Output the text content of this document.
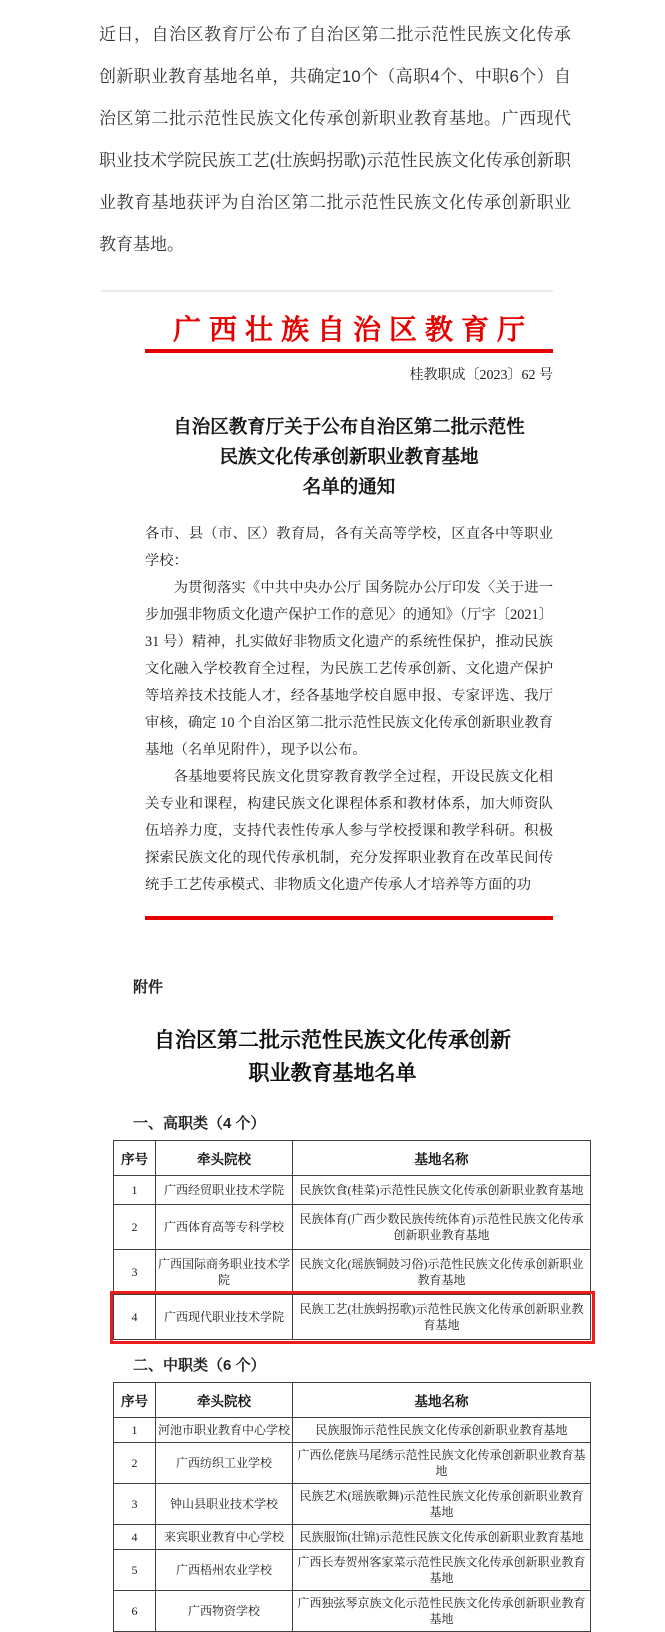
近日，自治区教育厅公布了自治区第二批示范性民族文化传承创新职业教育基地名单，共确定10个（高职4个、中职6个）自治区第二批示范性民族文化传承创新职业教育基地。广西现代职业技术学院民族工艺(壮族蚂拐歌)示范性民族文化传承创新职业教育基地获评为自治区第二批示范性民族文化传承创新职业教育基地。

广西壮族自治区教育厅
桂教职成〔2023〕62 号
自治区教育厅关于公布自治区第二批示范性
民族文化传承创新职业教育基地
名单的通知

各市、县（市、区）教育局，各有关高等学校，区直各中等职业学校：

为贯彻落实《中共中央办公厅 国务院办公厅印发〈关于进一步加强非物质文化遗产保护工作的意见〉的通知》（厅字〔2021〕31 号）精神，扎实做好非物质文化遗产的系统性保护，推动民族文化融入学校教育全过程，为民族工艺传承创新、文化遗产保护等培养技术技能人才，经各基地学校自愿申报、专家评选、我厅审核，确定 10 个自治区第二批示范性民族文化传承创新职业教育基地（名单见附件），现予以公布。

各基地要将民族文化贯穿教育教学全过程，开设民族文化相关专业和课程，构建民族文化课程体系和教材体系，加大师资队伍培养力度，支持代表性传承人参与学校授课和教学科研。积极探索民族文化的现代传承机制，充分发挥职业教育在改革民间传统手工艺传承模式、非物质文化遗产传承人才培养等方面的功

附件
自治区第二批示范性民族文化传承创新
职业教育基地名单
一、高职类（4 个）
序号	牵头院校	基地名称
1	广西经贸职业技术学院	民族饮食(桂菜)示范性民族文化传承创新职业教育基地
2	广西体育高等专科学校	民族体育(广西少数民族传统体育)示范性民族文化传承创新职业教育基地
3	广西国际商务职业技术学院	民族文化(瑶族铜鼓习俗)示范性民族文化传承创新职业教育基地
4	广西现代职业技术学院	民族工艺(壮族蚂拐歌)示范性民族文化传承创新职业教育基地
二、中职类（6 个）
序号	牵头院校	基地名称
1	河池市职业教育中心学校	民族服饰示范性民族文化传承创新职业教育基地
2	广西纺织工业学校	广西仫佬族马尾绣示范性民族文化传承创新职业教育基地
3	钟山县职业技术学校	民族艺术(瑶族歌舞)示范性民族文化传承创新职业教育基地
4	来宾职业教育中心学校	民族服饰(壮锦)示范性民族文化传承创新职业教育基地
5	广西梧州农业学校	广西长寿贺州客家菜示范性民族文化传承创新职业教育基地
6	广西物资学校	广西独弦琴京族文化示范性民族文化传承创新职业教育基地
